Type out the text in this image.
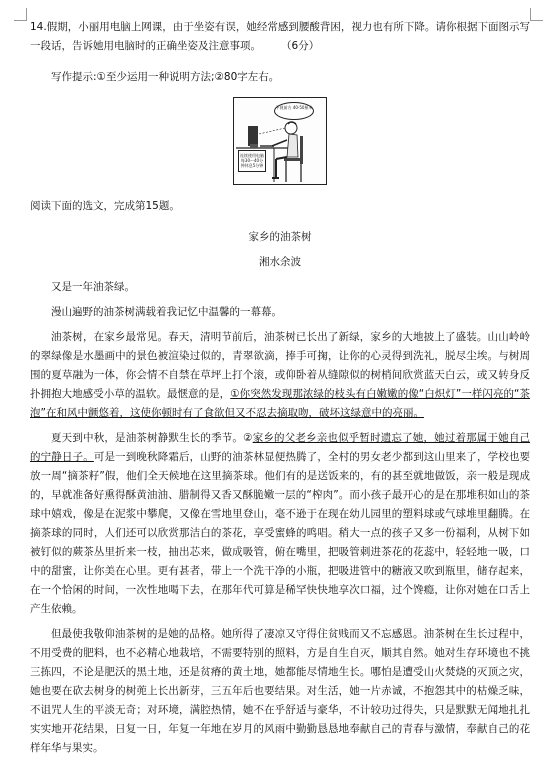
14.假期，小丽用电脑上网课，由于坐姿有误，她经常感到腰酸背困，视力也有所下降。请你根据下面图示写一段话，告诉她用电脑时的正确坐姿及注意事项。 （6分）

写作提示:①至少运用一种说明方法;②80字左右。

平视前方 40-50厘米
连续使用电脑每30～40分钟休息5分钟

阅读下面的选文，完成第15题。

家乡的油茶树

湘水余波

又是一年油茶绿。

漫山遍野的油茶树满载着我记忆中温馨的一幕幕。

油茶树，在家乡最常见。春天，清明节前后，油茶树已长出了新绿，家乡的大地披上了盛装。山山岭岭的翠绿像是水墨画中的景色被渲染过似的，青翠欲滴，捧手可掬，让你的心灵得到洗礼，脱尽尘埃。与树周围的夏草融为一体，你会情不自禁在草坪上打个滚，或仰卧着从缝隙似的树梢间欣赏蓝天白云，或又转身反扑拥抱大地感受小草的温软。最惬意的是，①你突然发现那浓绿的枝头有白嫩嫩的像“白炽灯”一样闪亮的“茶泡”在和风中颤悠着，这使你顿时有了食欲但又不忍去摘取吻，破坏这绿意中的亮丽。

夏天到中秋，是油茶树静默生长的季节。②家乡的父老乡亲也似乎暂时遗忘了她，她过着那属于她自己的宁静日子。可是一到晚秋降霜后，山野的油茶林显便热腾了，全村的男女老少都到这山里来了，学校也要放一周“摘茶籽”假，他们全天候地在这里摘茶球。他们有的是送饭来的，有的甚至就地做饭，亲一般是现成的，早就准备好熏得酥黄油油、腊制得又香又酥脆嫩一层的“榨肉”。而小孩子最开心的是在那堆积如山的茶球中嬉戏，像是在泥浆中攀爬，又像在雪地里登山，毫不逊于在现在幼儿园里的塑料球或气球堆里翻腾。在摘茶球的同时，人们还可以欣赏那洁白的茶花，享受蜜蜂的鸣唱。稍大一点的孩子又多一份福利，从树下如被钉似的蕨茶丛里折来一枝，抽出芯来，做成吸管，俯在嘴里，把吸管刺进茶花的花蕊中，轻轻地一吸，口中的甜蜜，让你美在心里。更有甚者，带上一个洗干净的小瓶，把吸进管中的糖液又吹到瓶里，储存起来，在一个恰闲的时间，一次性地喝下去，在那年代可算是稀罕快快地享次口福，过个馋瘾，让你对她在口舌上产生依赖。

但最使我敬仰油茶树的是她的品格。她所得了凄凉又守得住贫贱而又不忘感恩。油茶树在生长过程中，不用受费的肥料，也不必精心地栽培，不需要特别的照料，方是自生自灭，顺其自然。她对生存环境也不挑三拣四，不论是肥沃的黑土地，还是贫瘠的黄土地，她都能尽情地生长。哪怕是遭受山火焚烧的灭顶之灾，她也要在砍去树身的树蔸上长出新芽，三五年后也要结果。对生活，她一片赤诚，不抱怨其中的枯燥乏味，不诅咒人生的平淡无奇；对环境，满腔热情，她不在乎舒适与豪华，不计较功过得失，只是默默无闻地扎扎实实地开花结果，日复一日，年复一年地在岁月的风雨中勤勤恳恳地奉献自己的青春与激情，奉献自己的花样年华与果实。
